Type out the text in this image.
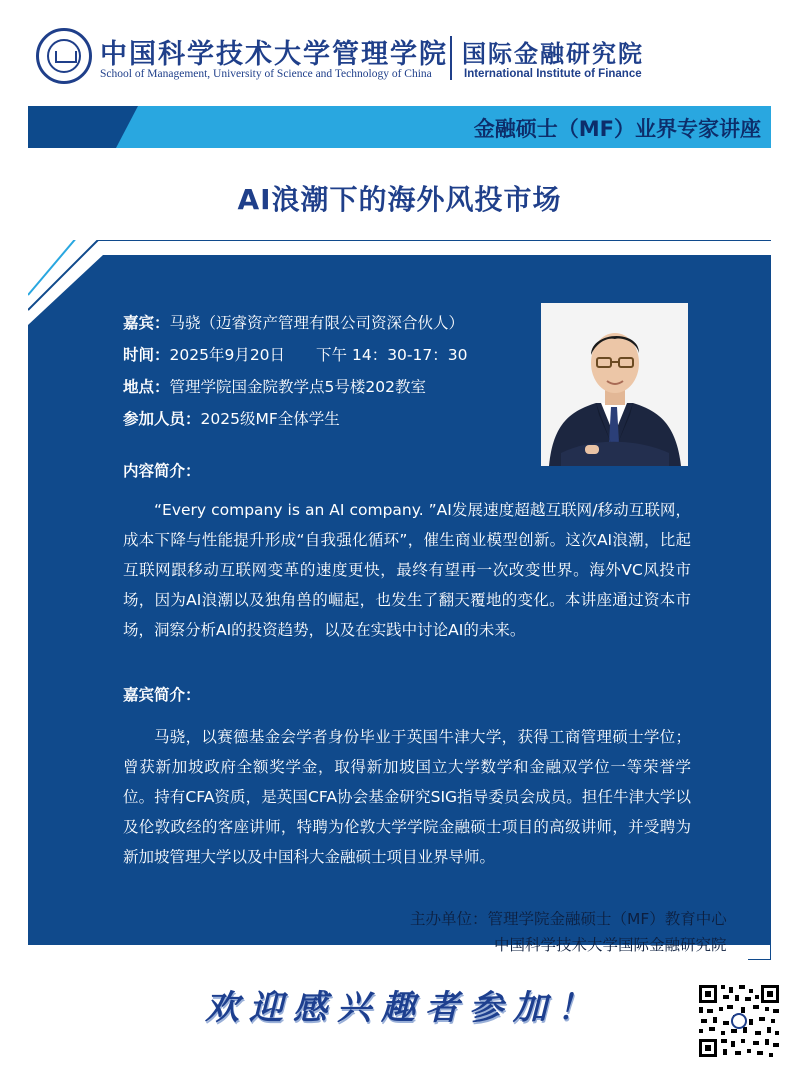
中国科学技术大学管理学院
School of Management, University of Science and Technology of China
国际金融研究院
International Institute of Finance
金融硕士（MF）业界专家讲座
AI浪潮下的海外风投市场
嘉宾：马骁（迈睿资产管理有限公司资深合伙人）
时间：2025年9月20日　　下午 14：30-17：30
地点：管理学院国金院教学点5号楼202教室
参加人员：2025级MF全体学生
内容简介：
“Every company is an AI company. ”AI发展速度超越互联网/移动互联网，成本下降与性能提升形成“自我强化循环”，催生商业模型创新。这次AI浪潮，比起互联网跟移动互联网变革的速度更快，最终有望再一次改变世界。海外VC风投市场，因为AI浪潮以及独角兽的崛起，也发生了翻天覆地的变化。本讲座通过资本市场，洞察分析AI的投资趋势，以及在实践中讨论AI的未来。
嘉宾简介：
马骁，以赛德基金会学者身份毕业于英国牛津大学，获得工商管理硕士学位；曾获新加坡政府全额奖学金，取得新加坡国立大学数学和金融双学位一等荣誉学位。持有CFA资质，是英国CFA协会基金研究SIG指导委员会成员。担任牛津大学以及伦敦政经的客座讲师，特聘为伦敦大学学院金融硕士项目的高级讲师，并受聘为新加坡管理大学以及中国科大金融硕士项目业界导师。
主办单位：管理学院金融硕士（MF）教育中心
中国科学技术大学国际金融研究院
欢迎感兴趣者参加！
